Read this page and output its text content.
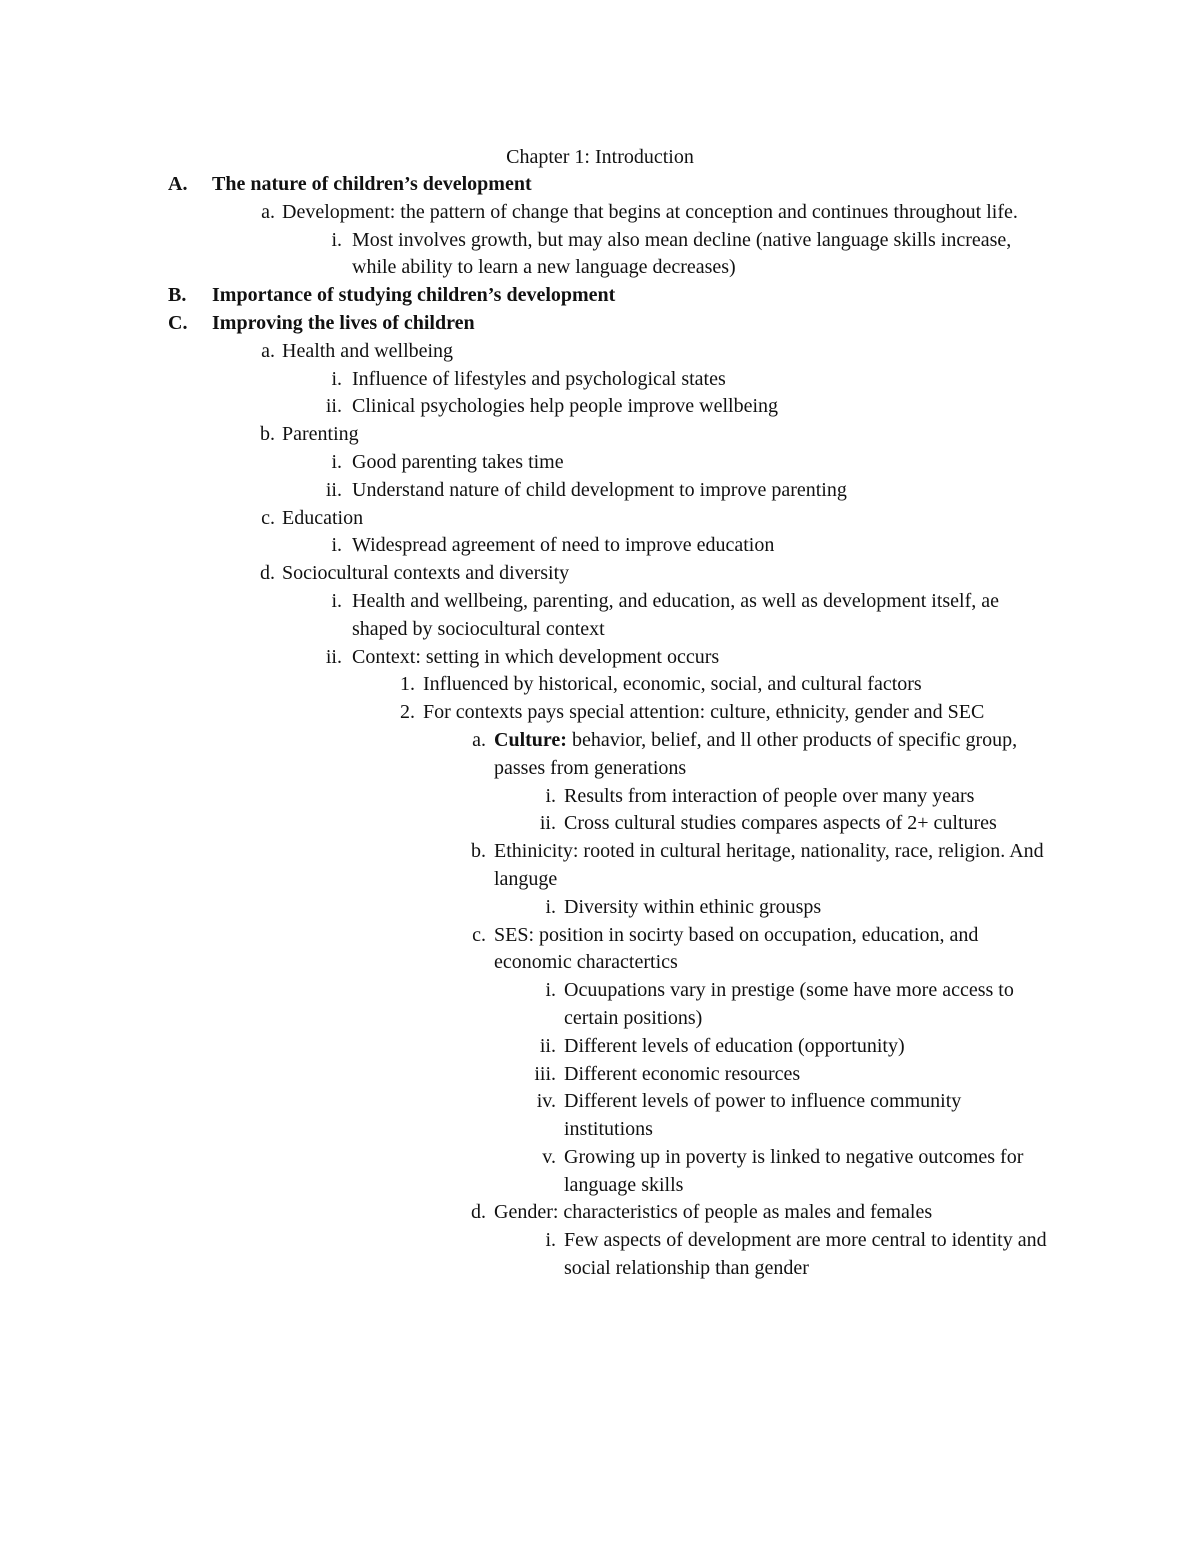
Chapter 1: Introduction
A.	The nature of children’s development
a. Development: the pattern of change that begins at conception and continues throughout life.
i. Most involves growth, but may also mean decline (native language skills increase, while ability to learn a new language decreases)
B.	Importance of studying children’s development
C.	Improving the lives of children
a. Health and wellbeing
i. Influence of lifestyles and psychological states
ii. Clinical psychologies help people improve wellbeing
b. Parenting
i. Good parenting takes time
ii. Understand nature of child development to improve parenting
c. Education
i. Widespread agreement of need to improve education
d. Sociocultural contexts and diversity
i. Health and wellbeing, parenting, and education, as well as development itself, ae shaped by sociocultural context
ii. Context: setting in which development occurs
1. Influenced by historical, economic, social, and cultural factors
2. For contexts pays special attention: culture, ethnicity, gender and SEC
a. Culture: behavior, belief, and ll other products of specific group, passes from generations
i. Results from interaction of people over many years
ii. Cross cultural studies compares aspects of 2+ cultures
b. Ethinicity: rooted in cultural heritage, nationality, race, religion. And languge
i. Diversity within ethinic grousps
c. SES: position in socirty based on occupation, education, and economic charactertics
i. Ocuupations vary in prestige (some have more access to certain positions)
ii. Different levels of education (opportunity)
iii. Different economic resources
iv. Different levels of power to influence community institutions
v. Growing up in poverty is linked to negative outcomes for language skills
d. Gender: characteristics of people as males and females
i. Few aspects of development are more central to identity and social relationship than gender
